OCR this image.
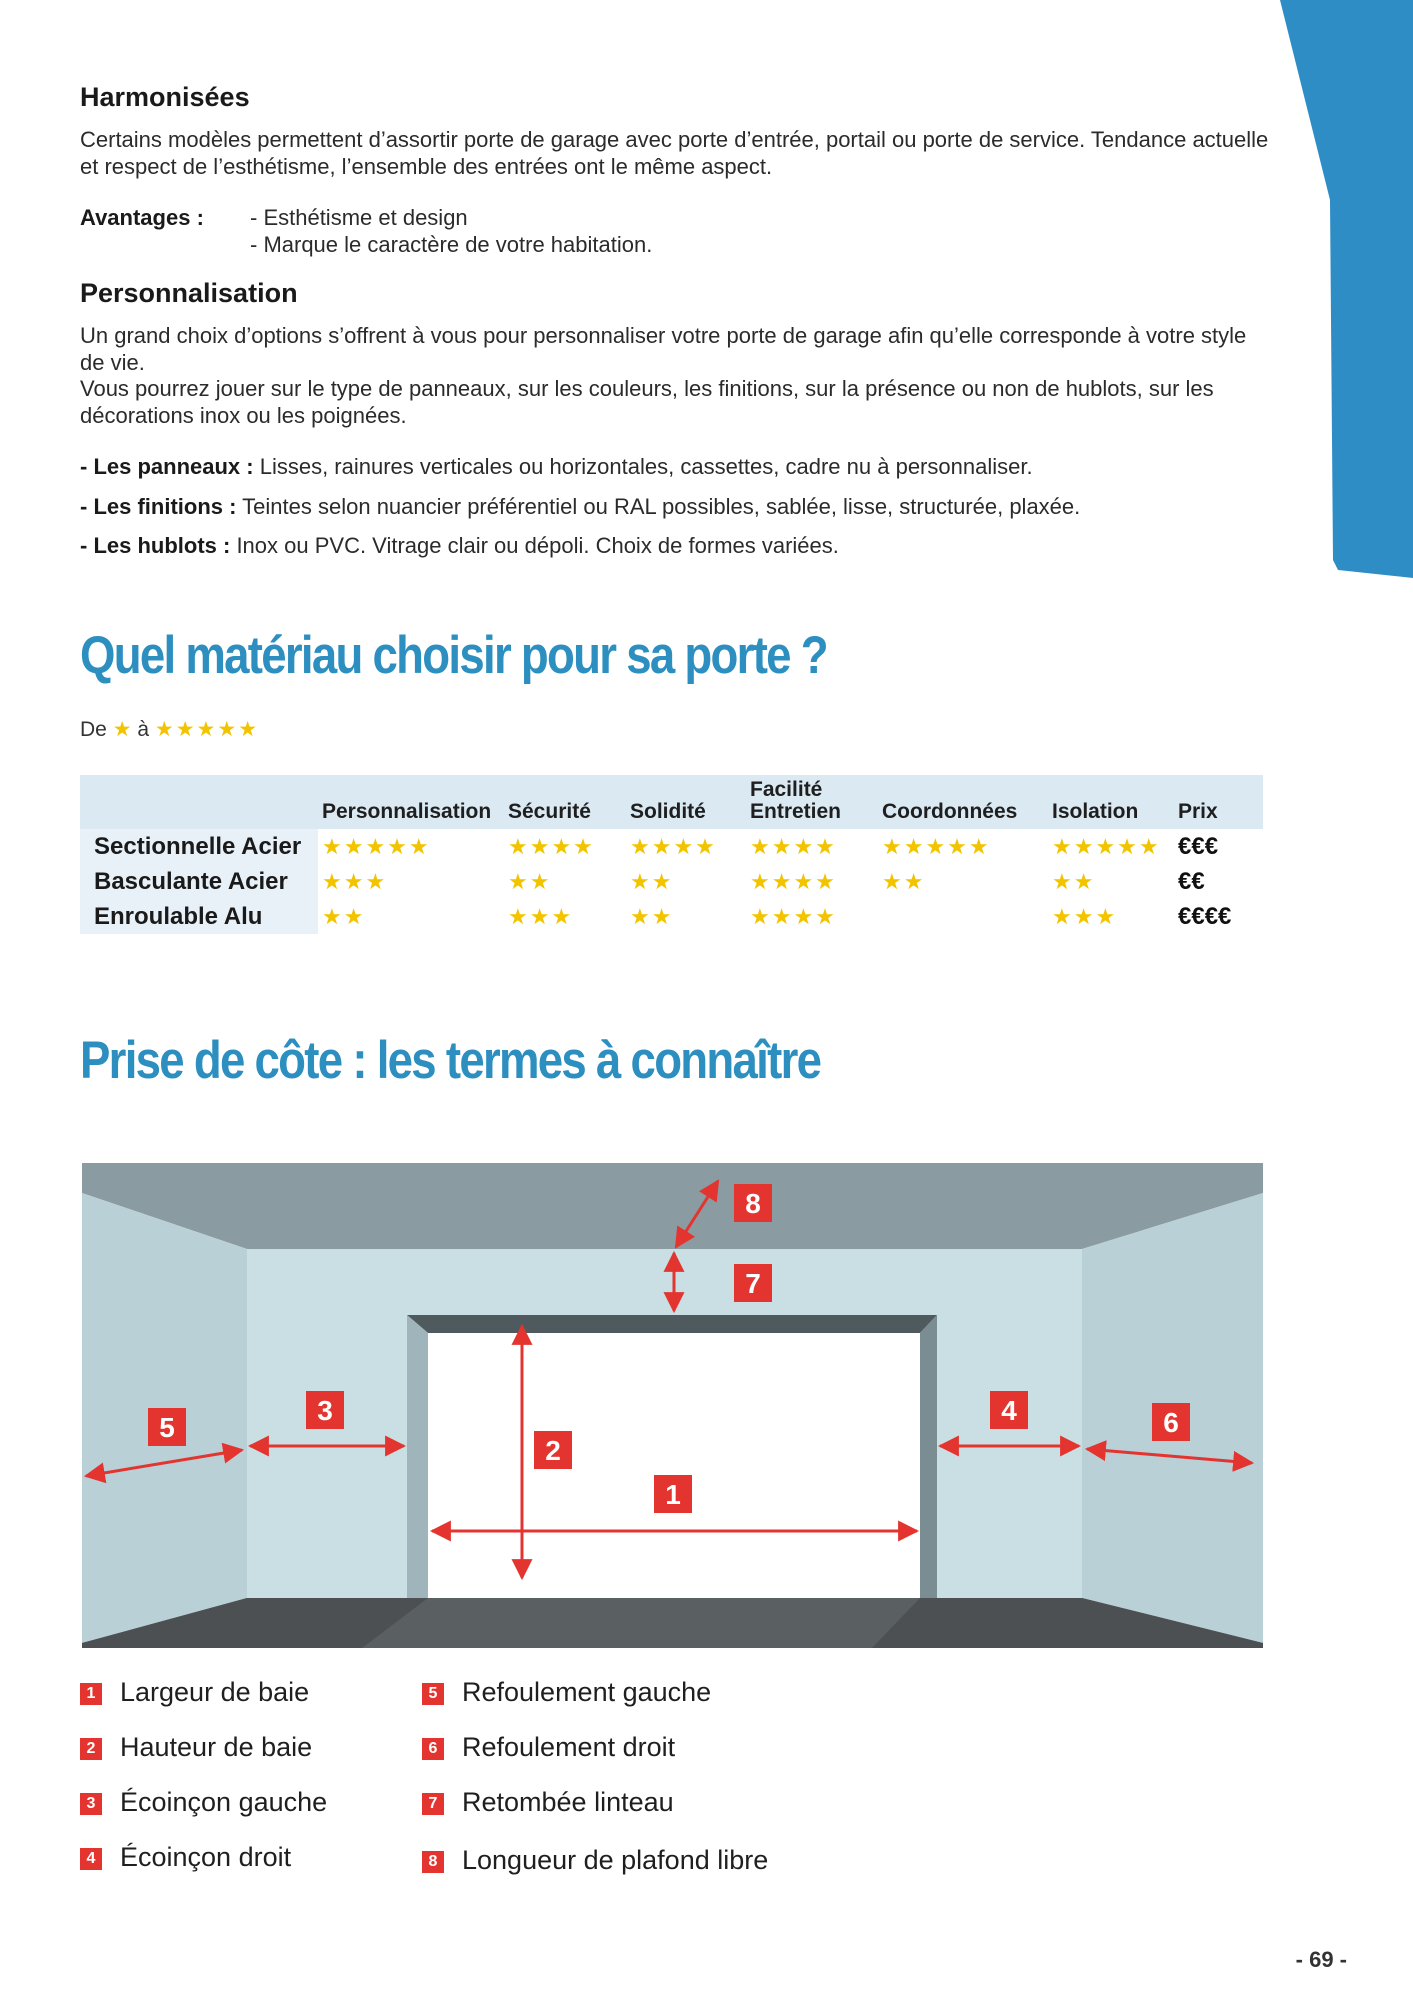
Harmonisées
Certains modèles permettent d’assortir porte de garage avec porte d’entrée, portail ou porte de service. Tendance actuelle et respect de l’esthétisme, l’ensemble des entrées ont le même aspect.
Avantages : - Esthétisme et design
- Marque le caractère de votre habitation.
Personnalisation
Un grand choix d’options s’offrent à vous pour personnaliser votre porte de garage afin qu’elle corresponde à votre style de vie.
Vous pourrez jouer sur le type de panneaux, sur les couleurs, les finitions, sur la présence ou non de hublots, sur les décorations inox ou les poignées.
- Les panneaux : Lisses, rainures verticales ou horizontales, cassettes, cadre nu à personnaliser.
- Les finitions : Teintes selon nuancier préférentiel ou RAL possibles, sablée, lisse, structurée, plaxée.
- Les hublots : Inox ou PVC. Vitrage clair ou dépoli. Choix de formes variées.
Quel matériau choisir pour sa porte ?
De ★ à ★★★★★
	Personnalisation	Sécurité	Solidité	Facilité Entretien	Coordonnées	Isolation	Prix
Sectionnelle Acier	★★★★★	★★★★	★★★★	★★★★	★★★★★	★★★★★	€€€
Basculante Acier	★★★	★★	★★	★★★★	★★	★★	€€
Enroulable Alu	★★	★★★	★★	★★★★		★★★	€€€€
Prise de côte : les termes à connaître
1
2
3	4
5	6
7
8
1 Largeur de baie
2 Hauteur de baie
3 Écoinçon gauche
4 Écoinçon droit
5 Refoulement gauche
6 Refoulement droit
7 Retombée linteau
8 Longueur de plafond libre
- 69 -
